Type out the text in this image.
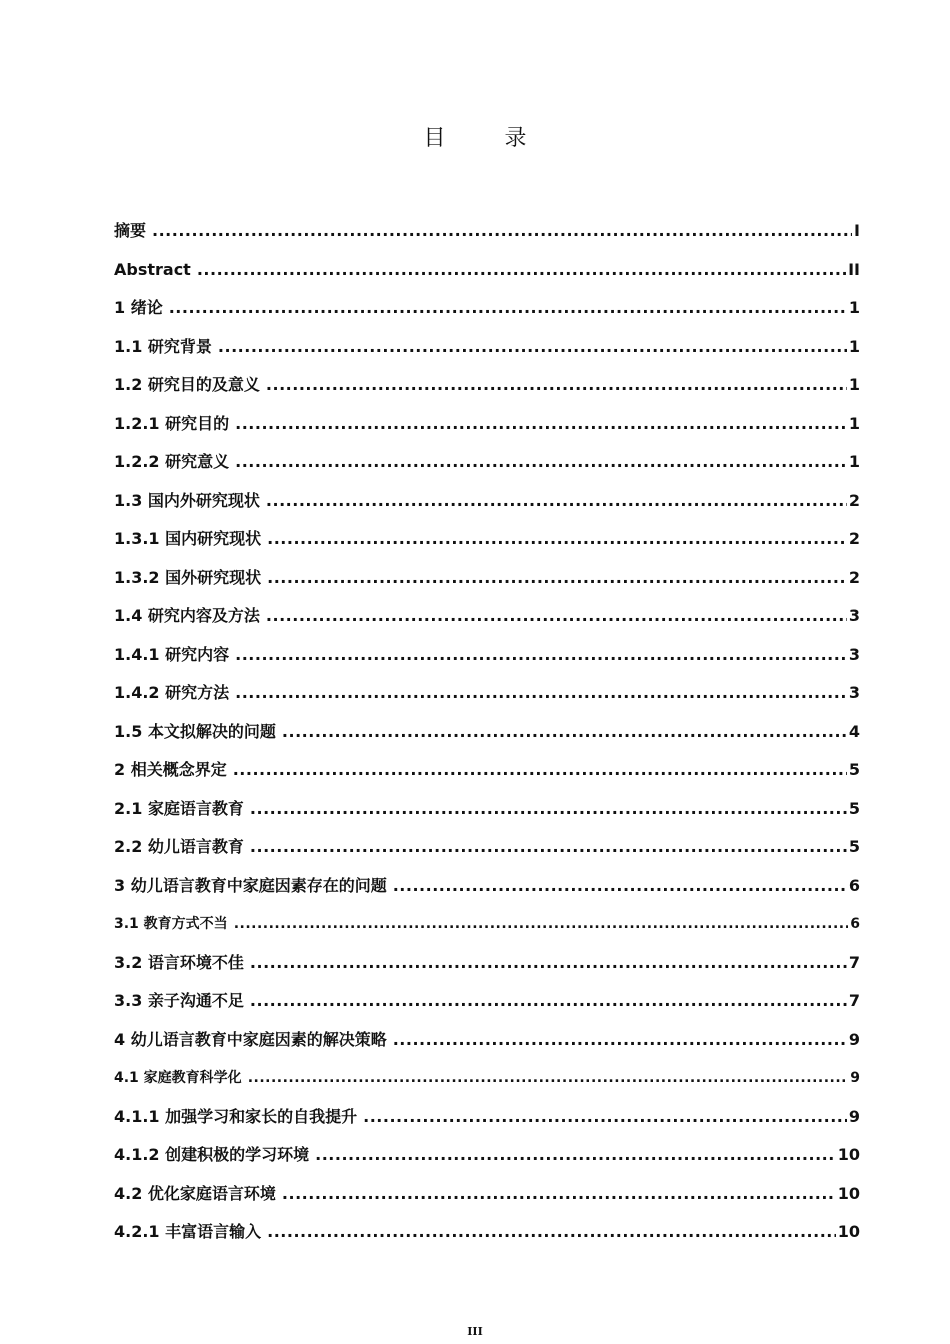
目 录
摘要 .....	I
Abstract .....	II
1 绪论 .....	1
1.1 研究背景 .....	1
1.2 研究目的及意义 .....	1
1.2.1 研究目的 .....	1
1.2.2 研究意义 .....	1
1.3 国内外研究现状 .....	2
1.3.1 国内研究现状 .....	2
1.3.2 国外研究现状 .....	2
1.4 研究内容及方法 .....	3
1.4.1 研究内容 .....	3
1.4.2 研究方法 .....	3
1.5 本文拟解决的问题 .....	4
2 相关概念界定 .....	5
2.1 家庭语言教育 .....	5
2.2 幼儿语言教育 .....	5
3 幼儿语言教育中家庭因素存在的问题 .....	6
3.1 教育方式不当 .....	6
3.2 语言环境不佳 .....	7
3.3 亲子沟通不足 .....	7
4 幼儿语言教育中家庭因素的解决策略 .....	9
4.1 家庭教育科学化 .....	9
4.1.1 加强学习和家长的自我提升 .....	9
4.1.2 创建积极的学习环境 .....	10
4.2 优化家庭语言环境 .....	10
4.2.1 丰富语言输入 .....	10
III
